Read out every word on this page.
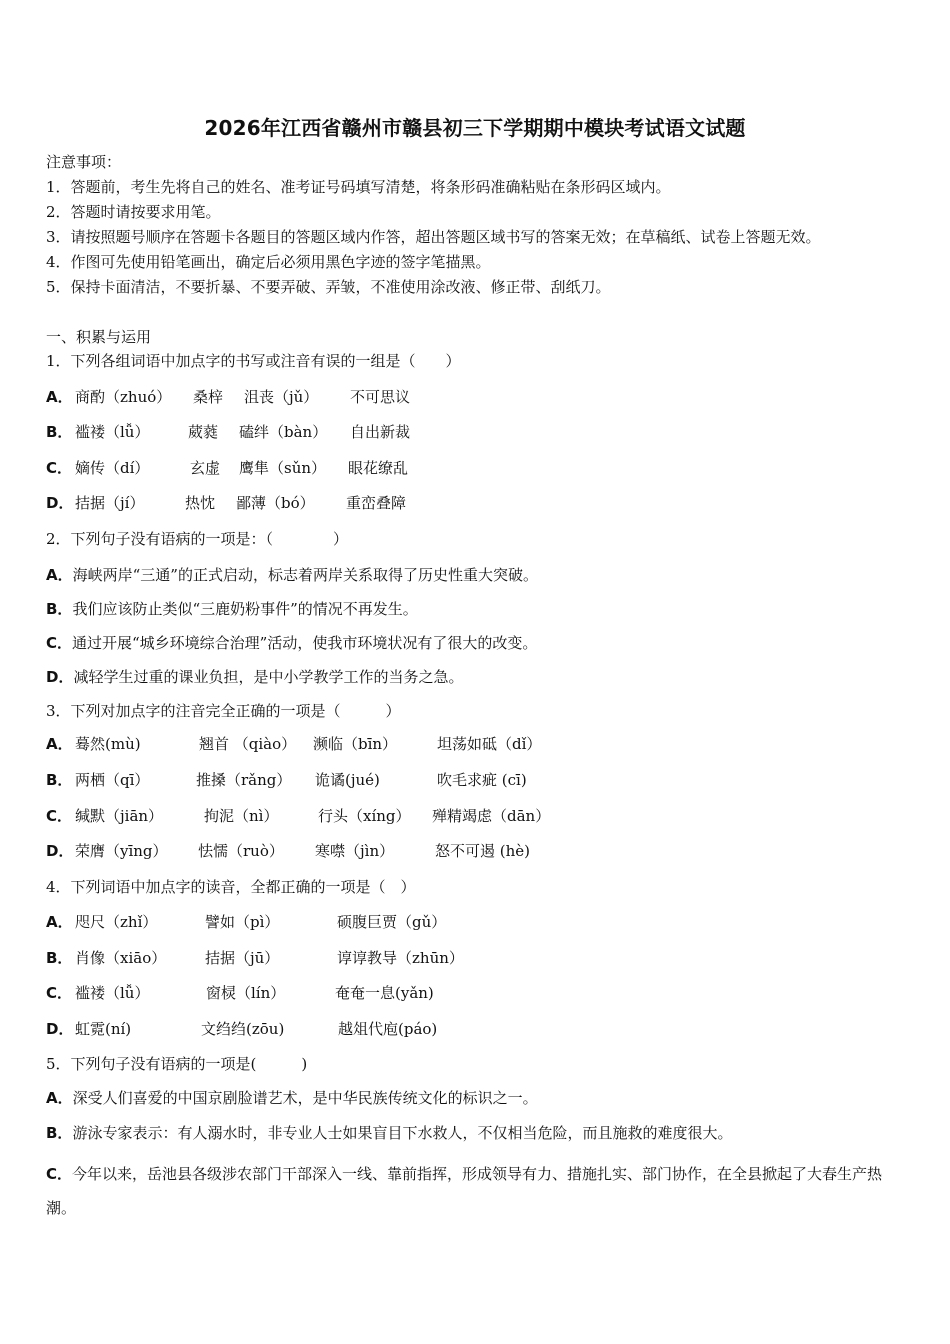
2026年江西省赣州市赣县初三下学期期中模块考试语文试题
注意事项：
1．答题前，考生先将自己的姓名、准考证号码填写清楚，将条形码准确粘贴在条形码区域内。
2．答题时请按要求用笔。
3．请按照题号顺序在答题卡各题目的答题区域内作答，超出答题区域书写的答案无效；在草稿纸、试卷上答题无效。
4．作图可先使用铅笔画出，确定后必须用黑色字迹的签字笔描黑。
5．保持卡面清洁，不要折暴、不要弄破、弄皱，不准使用涂改液、修正带、刮纸刀。
一、积累与运用
1．下列各组词语中加点字的书写或注音有误的一组是（　　）
A． 商酌（zhuó） 桑梓 沮丧（jǔ） 不可思议
B． 褴褛（lǚ）	葳蕤 磕绊（bàn） 自出新裁
C． 嫡传（dí）	玄虚 鹰隼（sǔn） 眼花缭乱
D． 拮据（jí）	热忱 鄙薄（bó） 重峦叠障
2．下列句子没有语病的一项是：（　　　　）
A．海峡两岸“三通”的正式启动，标志着两岸关系取得了历史性重大突破。
B．我们应该防止类似“三鹿奶粉事件”的情况不再发生。
C．通过开展“城乡环境综合治理”活动，使我市环境状况有了很大的改变。
D．减轻学生过重的课业负担，是中小学教学工作的当务之急。
3．下列对加点字的注音完全正确的一项是（　　　）
A． 蓦然(mù)	翘首 （qiào） 濒临（bīn）	坦荡如砥（dǐ）
B． 两栖（qī）	推搡（rǎng） 诡谲(jué)	吹毛求疵 (cī)
C． 缄默（jiān）	拘泥（nì）	行头（xíng） 殚精竭虑（dān）
D． 荣膺（yīng） 怯懦（ruò） 寒噤（jìn）	怒不可遏 (hè)
4．下列词语中加点字的读音，全都正确的一项是（　）
A． 咫尺（zhǐ）	譬如（pì）	硕腹巨贾（gǔ）
B． 肖像（xiāo）	拮据（jū）	谆谆教导（zhūn）
C． 褴褛（lǚ）	窗棂（lín）	奄奄一息(yǎn)
D． 虹霓(ní)	文绉绉(zōu)	越俎代庖(páo)
5．下列句子没有语病的一项是(　　　)
A．深受人们喜爱的中国京剧脸谱艺术，是中华民族传统文化的标识之一。
B．游泳专家表示：有人溺水时，非专业人士如果盲目下水救人，不仅相当危险，而且施救的难度很大。
C．今年以来，岳池县各级涉农部门干部深入一线、靠前指挥，形成领导有力、措施扎实、部门协作，在全县掀起了大春生产热潮。
